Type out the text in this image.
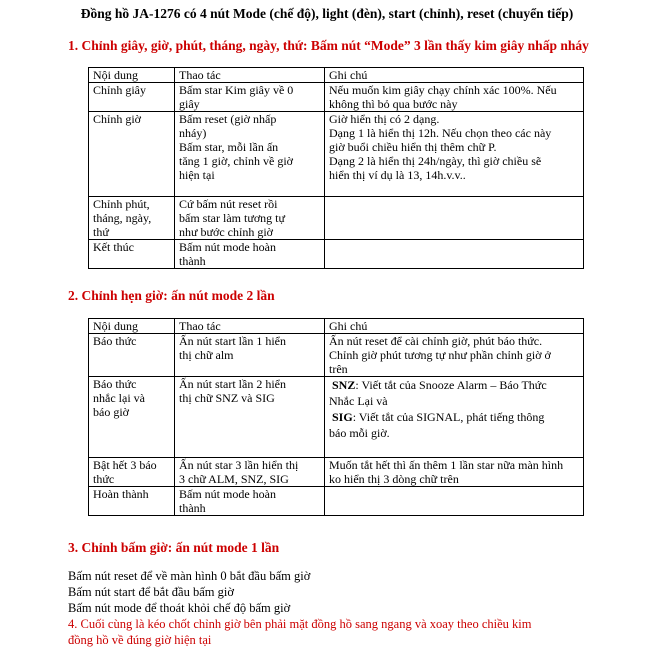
Đồng hồ JA-1276 có 4 nút Mode (chế độ), light (đèn), start (chỉnh), reset (chuyển tiếp)
1. Chỉnh giây, giờ, phút, tháng, ngày, thứ: Bấm nút “Mode” 3 lần thấy kim giây nhấp nháy
Nội dung	Thao tác	Ghi chú

Chỉnh giây	Bấm star Kim giây về 0
giây	Nếu muốn kim giây chạy chính xác 100%. Nếu
không thì bỏ qua bước này

Chỉnh giờ	Bấm reset (giờ nhấp
nháy)
Bấm star, mỗi lần ấn
tăng 1 giờ, chỉnh về giờ
hiện tại	Giờ hiển thị có 2 dạng.
Dạng 1 là hiển thị 12h. Nếu chọn theo các này
giờ buổi chiều hiển thị thêm chữ P.
Dạng 2 là hiển thị 24h/ngày, thì giờ chiều sẽ
hiển thị ví dụ là 13, 14h.v.v..

Chỉnh phút,
tháng, ngày,
thứ	Cứ bấm nút reset rồi
bấm star làm tương tự
như bước chỉnh giờ	

Kết thúc	Bấm nút mode hoàn
thành	

2. Chỉnh hẹn giờ: ấn nút mode 2 lần
Nội dung	Thao tác	Ghi chú

Báo thức	Ấn nút start lần 1 hiển
thị chữ alm	Ấn nút reset để cài chỉnh giờ, phút báo thức.
Chỉnh giờ phút tương tự như phần chỉnh giờ ở
trên

Báo thức
nhắc lại và
báo giờ	Ấn nút start lần 2 hiển
thị chữ SNZ và SIG	SNZ: Viết tắt của Snooze Alarm – Báo Thức
Nhắc Lại và
SIG: Viết tắt của SIGNAL, phát tiếng thông
báo mỗi giờ.

Bật hết 3 báo
thức	Ấn nút star 3 lần hiển thị
3 chữ ALM, SNZ, SIG	Muốn tắt hết thì ấn thêm 1 lần star nữa màn hình
ko hiển thị 3 dòng chữ trên

Hoàn thành	Bấm nút mode hoàn
thành	

3. Chỉnh bấm giờ: ấn nút mode 1 lần
Bấm nút reset để về màn hình 0 bắt đầu bấm giờ
Bấm nút start để bắt đầu bấm giờ
Bấm nút mode để thoát khỏi chế độ bấm giờ
4. Cuối cùng là kéo chốt chỉnh giờ bên phải mặt đồng hồ sang ngang và xoay theo chiều kim
đồng hồ về đúng giờ hiện tại
